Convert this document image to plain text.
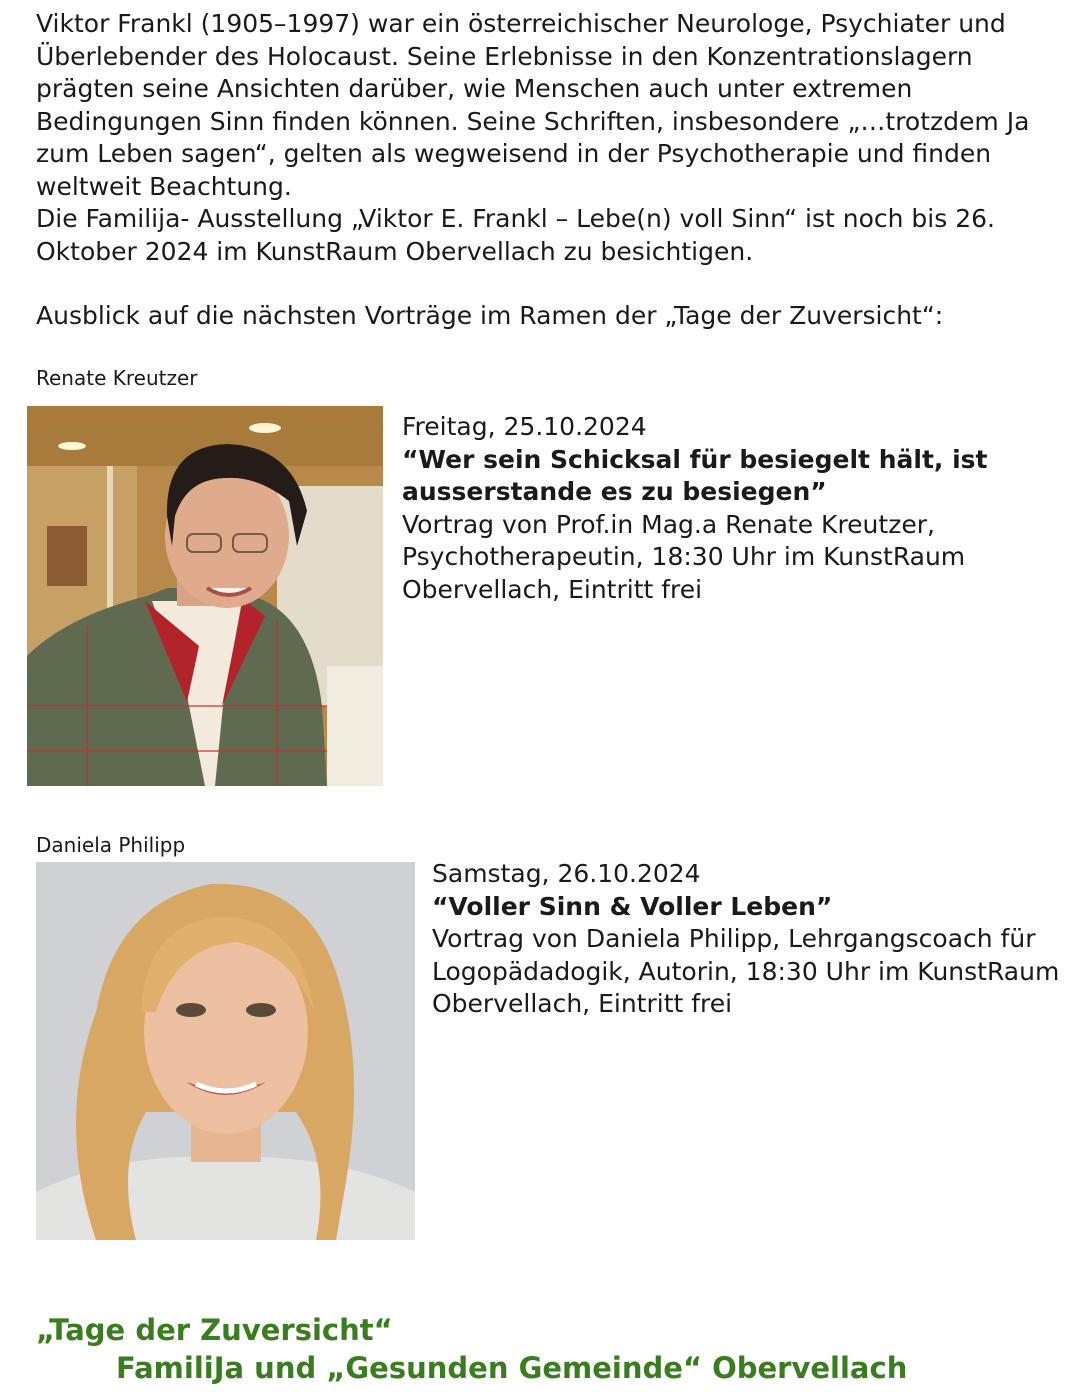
Viktor Frankl (1905–1997) war ein österreichischer Neurologe, Psychiater und Überlebender des Holocaust. Seine Erlebnisse in den Konzentrationslagern prägten seine Ansichten darüber, wie Menschen auch unter extremen Bedingungen Sinn finden können. Seine Schriften, insbesondere „…trotzdem Ja zum Leben sagen“, gelten als wegweisend in der Psychotherapie und finden weltweit Beachtung.

Die Familija- Ausstellung „Viktor E. Frankl – Lebe(n) voll Sinn“ ist noch bis 26. Oktober 2024 im KunstRaum Obervellach zu besichtigen.

Ausblick auf die nächsten Vorträge im Ramen der „Tage der Zuversicht“:

Renate Kreutzer
Freitag, 25.10.2024
“Wer sein Schicksal für besiegelt hält, ist ausserstande es zu besiegen”
Vortrag von Prof.in Mag.a Renate Kreutzer, Psychotherapeutin, 18:30 Uhr im KunstRaum Obervellach, Eintritt frei
Daniela Philipp
Samstag, 26.10.2024
“Voller Sinn & Voller Leben”
Vortrag von Daniela Philipp, Lehrgangscoach für Logopädadogik, Autorin, 18:30 Uhr im KunstRaum Obervellach, Eintritt frei
„Tage der Zuversicht“
FamiliJa und „Gesunden Gemeinde“ Obervellach
